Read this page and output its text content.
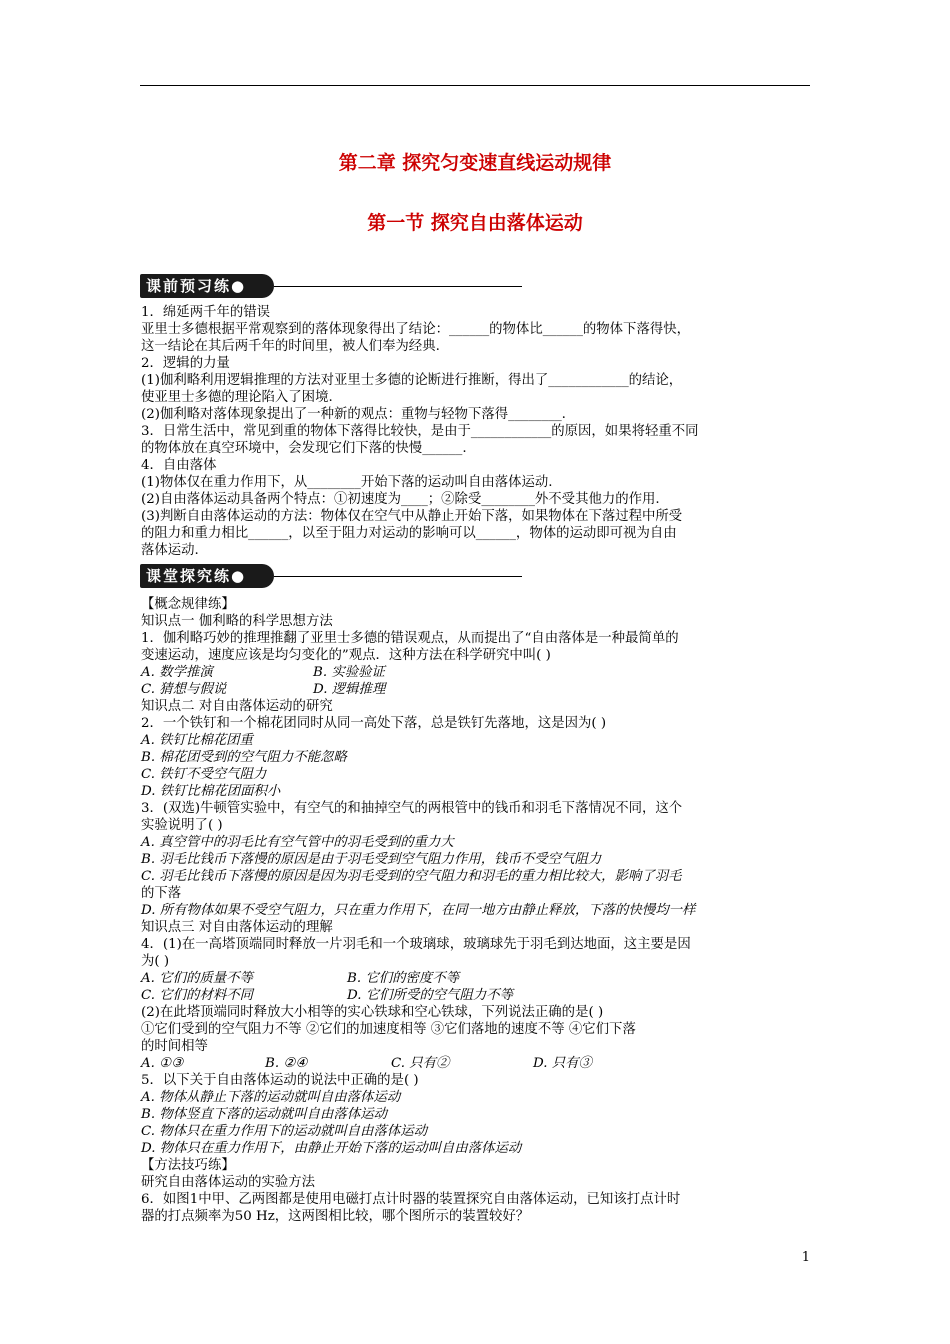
第二章 探究匀变速直线运动规律
第一节 探究自由落体运动
课前预习练●
1．绵延两千年的错误
亚里士多德根据平常观察到的落体现象得出了结论：______的物体比______的物体下落得快，
这一结论在其后两千年的时间里，被人们奉为经典.
2．逻辑的力量
(1)伽利略利用逻辑推理的方法对亚里士多德的论断进行推断，得出了____________的结论，
使亚里士多德的理论陷入了困境.
(2)伽利略对落体现象提出了一种新的观点：重物与轻物下落得________.
3．日常生活中，常见到重的物体下落得比较快，是由于____________的原因，如果将轻重不同
的物体放在真空环境中，会发现它们下落的快慢______.
4．自由落体
(1)物体仅在重力作用下，从________开始下落的运动叫自由落体运动.
(2)自由落体运动具备两个特点：①初速度为____；②除受________外不受其他力的作用.
(3)判断自由落体运动的方法：物体仅在空气中从静止开始下落，如果物体在下落过程中所受
的阻力和重力相比______，以至于阻力对运动的影响可以______，物体的运动即可视为自由
落体运动.
课堂探究练●
【概念规律练】
知识点一 伽利略的科学思想方法
1．伽利略巧妙的推理推翻了亚里士多德的错误观点，从而提出了“自由落体是一种最简单的
变速运动，速度应该是均匀变化的”观点．这种方法在科学研究中叫( )
A. 数学推演	B. 实验验证
C. 猜想与假说	D. 逻辑推理
知识点二 对自由落体运动的研究
2．一个铁钉和一个棉花团同时从同一高处下落，总是铁钉先落地，这是因为( )
A. 铁钉比棉花团重
B. 棉花团受到的空气阻力不能忽略
C. 铁钉不受空气阻力
D. 铁钉比棉花团面积小
3．(双选)牛顿管实验中，有空气的和抽掉空气的两根管中的钱币和羽毛下落情况不同，这个
实验说明了( )
A. 真空管中的羽毛比有空气管中的羽毛受到的重力大
B. 羽毛比钱币下落慢的原因是由于羽毛受到空气阻力作用，钱币不受空气阻力
C. 羽毛比钱币下落慢的原因是因为羽毛受到的空气阻力和羽毛的重力相比较大，影响了羽毛
的下落
D. 所有物体如果不受空气阻力，只在重力作用下，在同一地方由静止释放，下落的快慢均一样
知识点三 对自由落体运动的理解
4．(1)在一高塔顶端同时释放一片羽毛和一个玻璃球，玻璃球先于羽毛到达地面，这主要是因
为( )
A. 它们的质量不等	B. 它们的密度不等
C. 它们的材料不同	D. 它们所受的空气阻力不等
(2)在此塔顶端同时释放大小相等的实心铁球和空心铁球，下列说法正确的是( )
①它们受到的空气阻力不等 ②它们的加速度相等 ③它们落地的速度不等 ④它们下落
的时间相等
A. ①③	B. ②④	C. 只有②	D. 只有③
5．以下关于自由落体运动的说法中正确的是( )
A. 物体从静止下落的运动就叫自由落体运动
B. 物体竖直下落的运动就叫自由落体运动
C. 物体只在重力作用下的运动就叫自由落体运动
D. 物体只在重力作用下，由静止开始下落的运动叫自由落体运动
【方法技巧练】
研究自由落体运动的实验方法
6．如图1中甲、乙两图都是使用电磁打点计时器的装置探究自由落体运动，已知该打点计时
器的打点频率为50 Hz，这两图相比较，哪个图所示的装置较好？
1
